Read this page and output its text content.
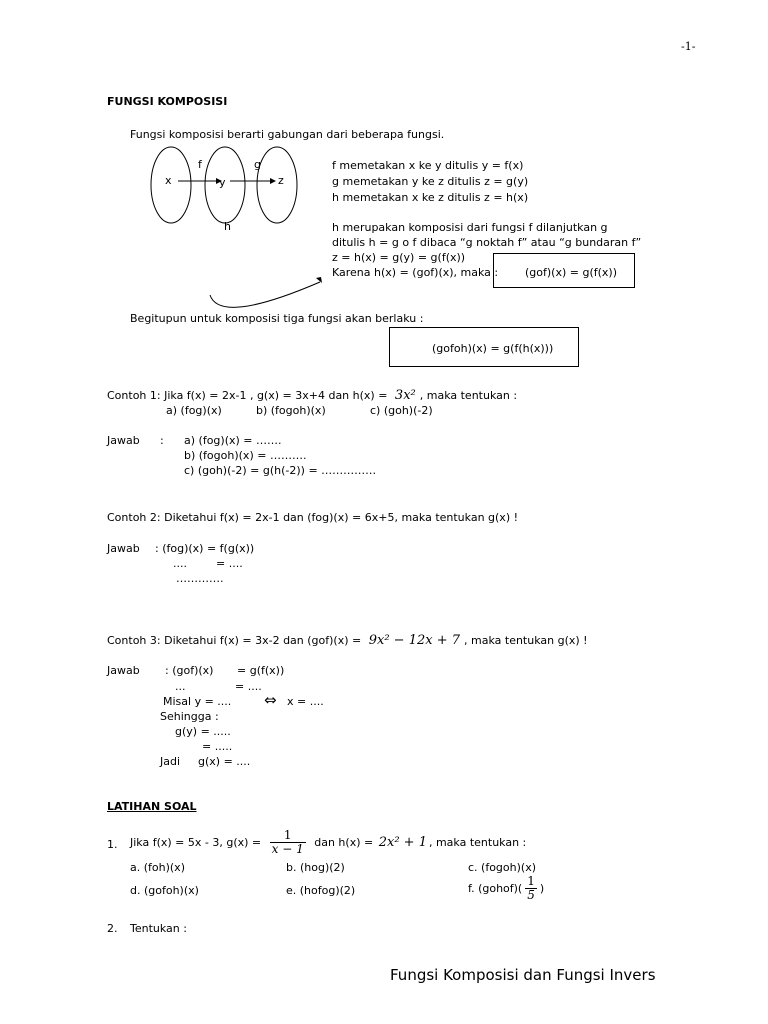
-1-
FUNGSI KOMPOSISI
Fungsi komposisi berarti gabungan dari beberapa fungsi.
f	g
x	y	z
h
f memetakan x ke y ditulis y = f(x)
g memetakan y ke z ditulis z = g(y)
h memetakan x ke z ditulis z = h(x)
h merupakan komposisi dari fungsi f dilanjutkan g
ditulis h = g o f dibaca “g noktah f” atau “g bundaran f”
z = h(x) = g(y) = g(f(x))
Karena h(x) = (gof)(x), maka : (gof)(x) = g(f(x))
Begitupun untuk komposisi tiga fungsi akan berlaku :
(gofoh)(x) = g(f(h(x)))
Contoh 1: Jika f(x) = 2x-1 , g(x) = 3x+4 dan h(x) = 3x² , maka tentukan :
a) (fog)(x)	b) (fogoh)(x)	c) (goh)(-2)
Jawab : a) (fog)(x) = …….
b) (fogoh)(x) = ……….
c) (goh)(-2) = g(h(-2)) = ……………
Contoh 2: Diketahui f(x) = 2x-1 dan (fog)(x) = 6x+5, maka tentukan g(x) !
Jawab : (fog)(x) = f(g(x))
....	= ....
………….
Contoh 3: Diketahui f(x) = 3x-2 dan (gof)(x) = 9x² − 12x + 7 , maka tentukan g(x) !
Jawab : (gof)(x) = g(f(x))
...	= ....
Misal y = .... ⇔ x = ....
Sehingga :
g(y) = .....
= .....
Jadi g(x) = ....
LATIHAN SOAL
1. Jika f(x) = 5x - 3, $g(x) = \frac{1}{x - 1}$ dan h(x) = 2x² + 1 , maka tentukan :
a. (foh)(x)	b. (hog)(2)	c. (fogoh)(x)
d. (gofoh)(x)	e. (hofog)(2)	f. (gohof)( $\frac{1}{5}$ )
2. Tentukan :
Fungsi Komposisi dan Fungsi Invers
